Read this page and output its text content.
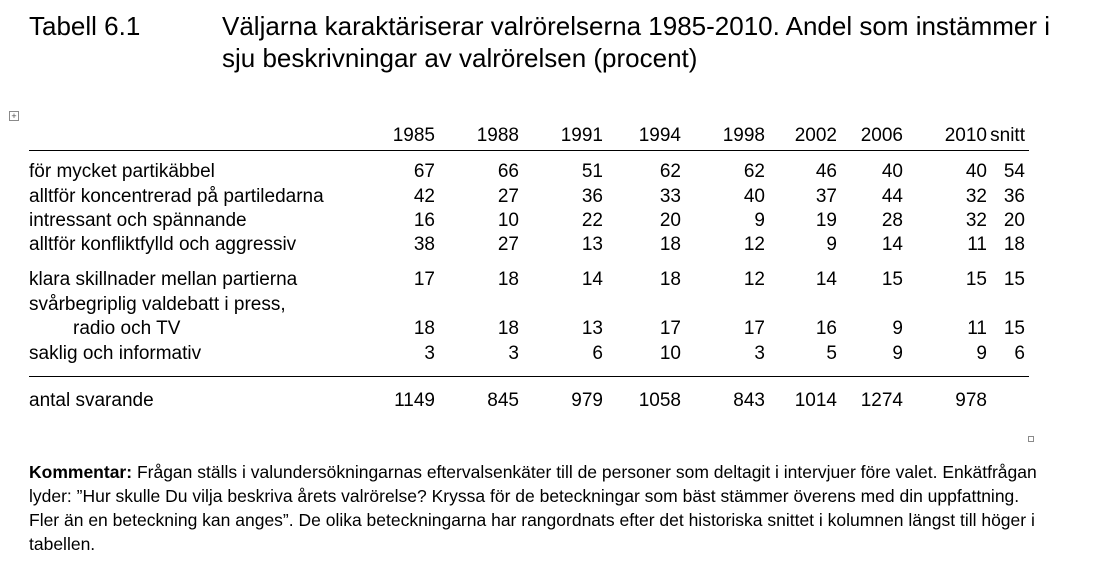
Tabell 6.1	Väljarna karaktäriserar valrörelserna 1985-2010. Andel som instämmer i sju beskrivningar av valrörelsen (procent)
+
1985 1988 1991 1994 1998 2002 2006 2010 snitt
för mycket partikäbbel	67	66	51	62	62	46 40	40 54
alltför koncentrerad på partiledarna	42	27	36	33	40	37 44	32 36
intressant och spännande	16	10	22	20	9	19 28	32 20
alltför konfliktfylld och aggressiv	38	27	13	18	12	9 14	11 18
klara skillnader mellan partierna	17	18	14	18	12	14 15	15 15
svårbegriplig valdebatt i press,
radio och TV	18	18	13	17	17	16	9	11 15
saklig och informativ	3	3	6	10	3	5	9	9 6
antal svarande	1149	845	979 1058	843 1014 1274	978
Kommentar: Frågan ställs i valundersökningarnas eftervalsenkäter till de personer som deltagit i intervjuer före valet. Enkätfrågan lyder: ”Hur skulle Du vilja beskriva årets valrörelse? Kryssa för de beteckningar som bäst stämmer överens med din uppfattning. Fler än en beteckning kan anges”. De olika beteckningarna har rangordnats efter det historiska snittet i kolumnen längst till höger i tabellen.
